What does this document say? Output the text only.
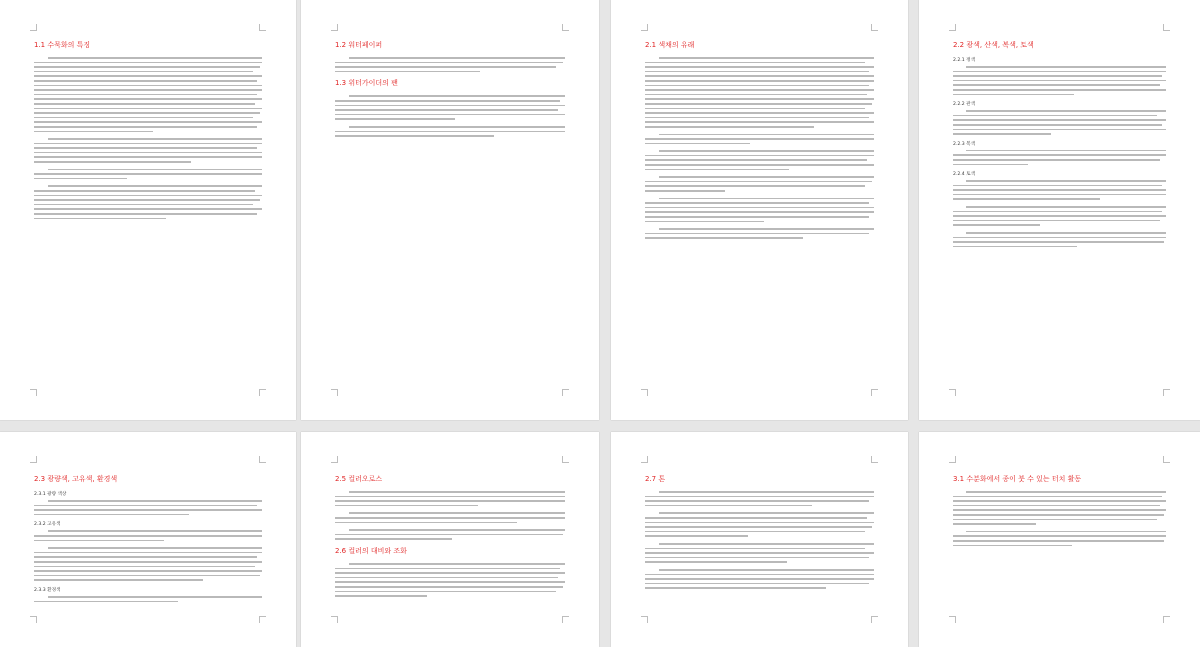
1.1 수묵화의 특징	1.2 워터페이퍼
1.3 위터가이더의 팬
2.1 색채의 유래	2.2 광색, 산색, 복색, 토색
2.2.1 정색
2.2.2 관색
2.2.3 복색
2.2.4 토색
2.3 광량색, 고유색, 환경색
2.3.1 광량 색상
2.3.2 고유색
2.3.3 환경색
2.5 컬러오로스
2.6 컬러의 대비와 조화
2.7 톤	3.1 수분화에서 종이 붓 수 있는 터치 활동
